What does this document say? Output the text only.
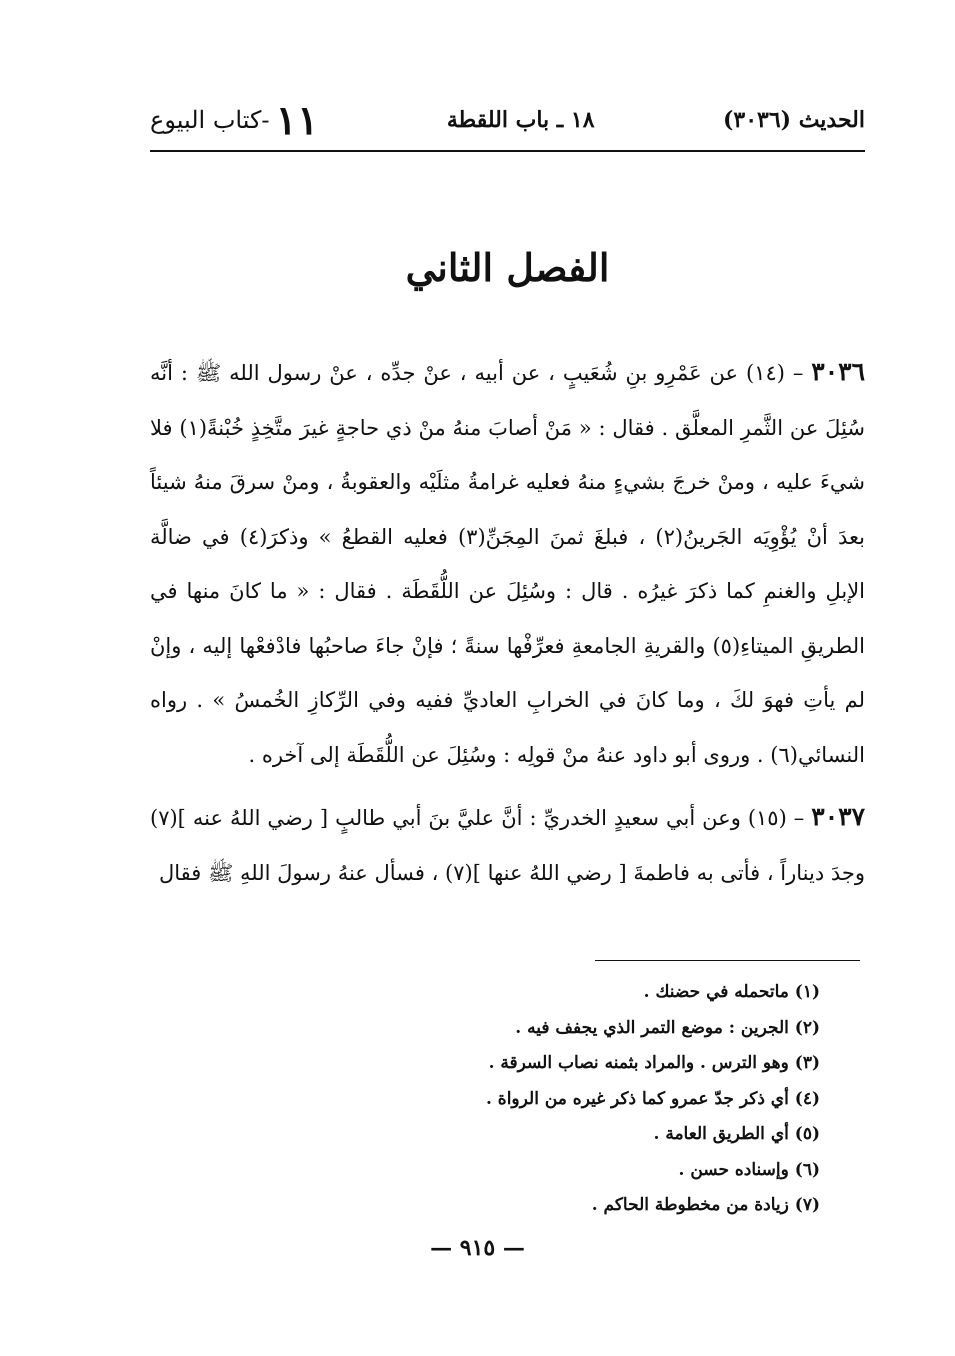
١١
-كتاب البيوع	١٨ ـ باب اللقطة	الحديث (٣٠٣٦)
الفصل الثاني

٣٠٣٦ – (١٤) عن عَمْرِو بنِ شُعَيبٍ ، عن أبيه ، عنْ جدِّه ، عنْ رسول الله ﷺ : أنَّه سُئِلَ عن الثَّمرِ المعلَّق . فقال : « مَنْ أصابَ منهُ منْ ذي حاجةٍ غيرَ متَّخِذٍ خُبْنةً(١) فلا شيءَ عليه ، ومنْ خرجَ بشيءٍ منهُ فعليه غرامةُ مثلَيْه والعقوبةُ ، ومنْ سرقَ منهُ شيئاً بعدَ أنْ يُؤْوِيَه الجَرينُ(٢) ، فبلغَ ثمنَ المِجَنِّ(٣) فعليه القطعُ » وذكرَ(٤) في ضالَّة الإبلِ والغنمِ كما ذكرَ غيرُه . قال : وسُئِلَ عن اللُّقَطَة . فقال : « ما كانَ منها في الطريقِ الميتاءِ(٥) والقريةِ الجامعةِ فعرِّفْها سنةً ؛ فإنْ جاءَ صاحبُها فادْفعْها إليه ، وإنْ لم يأتِ فهوَ لكَ ، وما كانَ في الخرابِ العاديِّ ففيه وفي الرِّكازِ الخُمسُ » . رواه النسائي(٦) . وروى أبو داود عنهُ منْ قولِه : وسُئِلَ عن اللُّقَطَة إلى آخره .

٣٠٣٧ – (١٥) وعن أبي سعيدٍ الخدريِّ : أنَّ عليَّ بنَ أبي طالبٍ [ رضي اللهُ عنه ](٧) وجدَ ديناراً ، فأتى به فاطمةَ [ رضي اللهُ عنها ](٧) ، فسأل عنهُ رسولَ اللهِ ﷺ فقال

(١) ماتحمله في حضنك .
(٢) الجرين : موضع التمر الذي يجفف فيه .
(٣) وهو الترس . والمراد بثمنه نصاب السرقة .
(٤) أي ذكر جدّ عمرو كما ذكر غيره من الرواة .
(٥) أي الطريق العامة .
(٦) وإسناده حسن .
(٧) زيادة من مخطوطة الحاكم .
— ٩١٥ —
